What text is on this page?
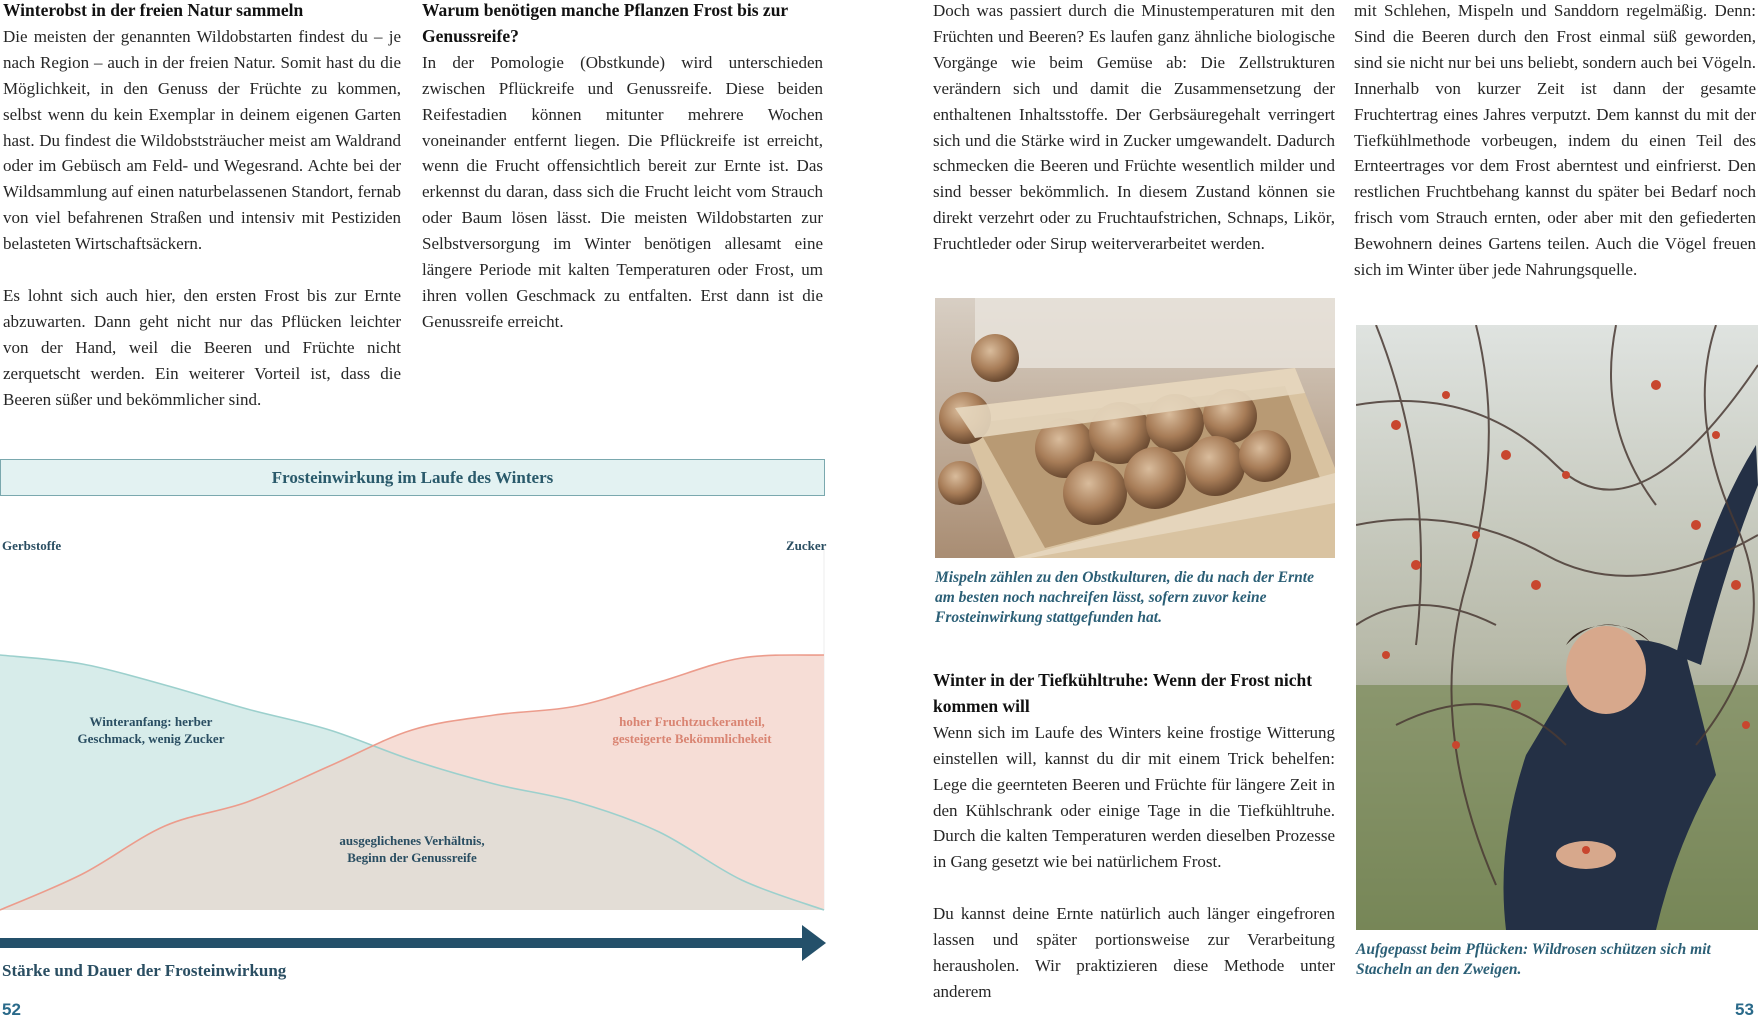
Winterobst in der freien Natur sammeln

Die meisten der genannten Wildobstarten findest du – je nach Region – auch in der freien Natur. Somit hast du die Möglichkeit, in den Genuss der Früchte zu kommen, selbst wenn du kein Exemplar in deinem eigenen Garten hast. Du findest die Wildobststräucher meist am Waldrand oder im Gebüsch am Feld- und Wegesrand. Achte bei der Wildsammlung auf einen naturbelassenen Standort, fernab von viel befahrenen Straßen und intensiv mit Pestiziden belasteten Wirtschaftsäckern.

Es lohnt sich auch hier, den ersten Frost bis zur Ernte abzuwarten. Dann geht nicht nur das Pflücken leichter von der Hand, weil die Beeren und Früchte nicht zerquetscht werden. Ein weiterer Vorteil ist, dass die Beeren süßer und bekömmlicher sind.

Warum benötigen manche Pflanzen Frost bis zur Genussreife?

In der Pomologie (Obstkunde) wird unterschieden zwischen Pflückreife und Genussreife. Diese beiden Reifestadien können mitunter mehrere Wochen voneinander entfernt liegen. Die Pflückreife ist erreicht, wenn die Frucht offensichtlich bereit zur Ernte ist. Das erkennst du daran, dass sich die Frucht leicht vom Strauch oder Baum lösen lässt. Die meisten Wildobstarten zur Selbstversorgung im Winter benötigen allesamt eine längere Periode mit kalten Temperaturen oder Frost, um ihren vollen Geschmack zu entfalten. Erst dann ist die Genussreife erreicht.

Frosteinwirkung im Laufe des Winters
Gerbstoffe	Zucker
Winteranfang: herber
Geschmack, wenig Zucker
ausgeglichenes Verhältnis,
Beginn der Genussreife
hoher Fruchtzuckeranteil,
gesteigerte Bekömmlichekeit
Stärke und Dauer der Frosteinwirkung
52

Doch was passiert durch die Minustemperaturen mit den Früchten und Beeren? Es laufen ganz ähnliche biologische Vorgänge wie beim Gemüse ab: Die Zellstrukturen verändern sich und damit die Zusammensetzung der enthaltenen Inhaltsstoffe. Der Gerbsäuregehalt verringert sich und die Stärke wird in Zucker umgewandelt. Dadurch schmecken die Beeren und Früchte wesentlich milder und sind besser bekömmlich. In diesem Zustand können sie direkt verzehrt oder zu Fruchtaufstrichen, Schnaps, Likör, Fruchtleder oder Sirup weiterverarbeitet werden.

Mispeln zählen zu den Obstkulturen, die du nach der Ernte am besten noch nachreifen lässt, sofern zuvor keine Frosteinwirkung stattgefunden hat.
Winter in der Tiefkühltruhe: Wenn der Frost nicht kommen will

Wenn sich im Laufe des Winters keine frostige Witterung einstellen will, kannst du dir mit einem Trick behelfen: Lege die geernteten Beeren und Früchte für längere Zeit in den Kühlschrank oder einige Tage in die Tiefkühltruhe. Durch die kalten Temperaturen werden dieselben Prozesse in Gang gesetzt wie bei natürlichem Frost.

Du kannst deine Ernte natürlich auch länger eingefroren lassen und später portionsweise zur Verarbeitung herausholen. Wir praktizieren diese Methode unter anderem

mit Schlehen, Mispeln und Sanddorn regelmäßig. Denn: Sind die Beeren durch den Frost einmal süß geworden, sind sie nicht nur bei uns beliebt, sondern auch bei Vögeln. Innerhalb von kurzer Zeit ist dann der gesamte Fruchtertrag eines Jahres verputzt. Dem kannst du mit der Tiefkühlmethode vorbeugen, indem du einen Teil des Ernteertrages vor dem Frost aberntest und einfrierst. Den restlichen Fruchtbehang kannst du später bei Bedarf noch frisch vom Strauch ernten, oder aber mit den gefiederten Bewohnern deines Gartens teilen. Auch die Vögel freuen sich im Winter über jede Nahrungsquelle.

Aufgepasst beim Pflücken: Wildrosen schützen sich mit Stacheln an den Zweigen.
53
